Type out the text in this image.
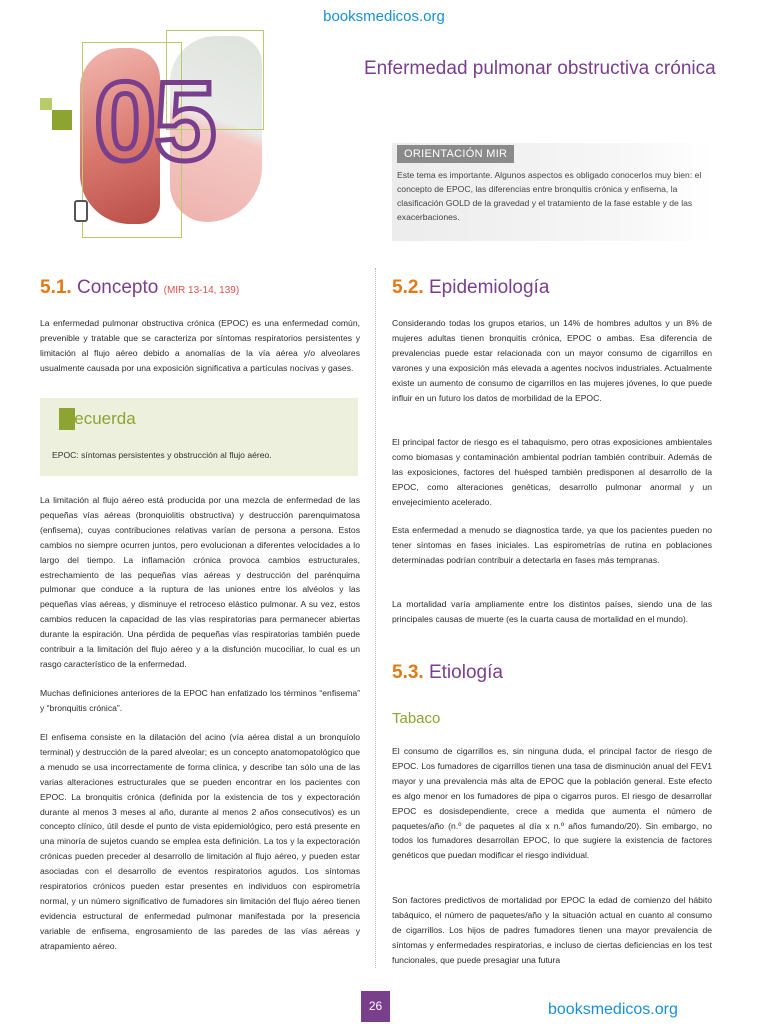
booksmedicos.org
05	Enfermedad pulmonar obstructiva crónica
ORIENTACIÓN MIR
Este tema es importante. Algunos aspectos es obligado conocerlos muy bien: el concepto de EPOC, las diferencias entre bronquitis crónica y enfisema, la clasificación GOLD de la gravedad y el tratamiento de la fase estable y de las exacerbaciones.
5.1. Concepto (MIR 13-14, 139)
La enfermedad pulmonar obstructiva crónica (EPOC) es una enfermedad común, prevenible y tratable que se caracteriza por síntomas respiratorios persistentes y limitación al flujo aéreo debido a anomalías de la vía aérea y/o alveolares usualmente causada por una exposición significativa a partículas nocivas y gases.
Recuerda
EPOC: síntomas persistentes y obstrucción al flujo aéreo.
La limitación al flujo aéreo está producida por una mezcla de enfermedad de las pequeñas vías aéreas (bronquiolitis obstructiva) y destrucción parenquimatosa (enfisema), cuyas contribuciones relativas varían de persona a persona. Estos cambios no siempre ocurren juntos, pero evolucionan a diferentes velocidades a lo largo del tiempo. La inflamación crónica provoca cambios estructurales, estrechamiento de las pequeñas vías aéreas y destrucción del parénquima pulmonar que conduce a la ruptura de las uniones entre los alvéolos y las pequeñas vías aéreas, y disminuye el retroceso elástico pulmonar. A su vez, estos cambios reducen la capacidad de las vías respiratorias para permanecer abiertas durante la espiración. Una pérdida de pequeñas vías respiratorias también puede contribuir a la limitación del flujo aéreo y a la disfunción mucociliar, lo cual es un rasgo característico de la enfermedad.
Muchas definiciones anteriores de la EPOC han enfatizado los términos “enfisema” y “bronquitis crónica”.
El enfisema consiste en la dilatación del acino (vía aérea distal a un bronquíolo terminal) y destrucción de la pared alveolar; es un concepto anatomopatológico que a menudo se usa incorrectamente de forma clínica, y describe tan sólo una de las varias alteraciones estructurales que se pueden encontrar en los pacientes con EPOC. La bronquitis crónica (definida por la existencia de tos y expectoración durante al menos 3 meses al año, durante al menos 2 años consecutivos) es un concepto clínico, útil desde el punto de vista epidemiológico, pero está presente en una minoría de sujetos cuando se emplea esta definición. La tos y la expectoración crónicas pueden preceder al desarrollo de limitación al flujo aéreo, y pueden estar asociadas con el desarrollo de eventos respiratorios agudos. Los síntomas respiratorios crónicos pueden estar presentes en individuos con espirometría normal, y un número significativo de fumadores sin limitación del flujo aéreo tienen evidencia estructural de enfermedad pulmonar manifestada por la presencia variable de enfisema, engrosamiento de las paredes de las vías aéreas y atrapamiento aéreo.
5.2. Epidemiología
Considerando todas los grupos etarios, un 14% de hombres adultos y un 8% de mujeres adultas tienen bronquitis crónica, EPOC o ambas. Esa diferencia de prevalencias puede estar relacionada con un mayor consumo de cigarrillos en varones y una exposición más elevada a agentes nocivos industriales. Actualmente existe un aumento de consumo de cigarrillos en las mujeres jóvenes, lo que puede influir en un futuro los datos de morbilidad de la EPOC.
El principal factor de riesgo es el tabaquismo, pero otras exposiciones ambientales como biomasas y contaminación ambiental podrían también contribuir. Además de las exposiciones, factores del huésped también predisponen al desarrollo de la EPOC, como alteraciones genéticas, desarrollo pulmonar anormal y un envejecimiento acelerado.
Esta enfermedad a menudo se diagnostica tarde, ya que los pacientes pueden no tener síntomas en fases iniciales. Las espirometrías de rutina en poblaciones determinadas podrían contribuir a detectarla en fases más tempranas.
La mortalidad varía ampliamente entre los distintos países, siendo una de las principales causas de muerte (es la cuarta causa de mortalidad en el mundo).
5.3. Etiología
Tabaco
El consumo de cigarrillos es, sin ninguna duda, el principal factor de riesgo de EPOC. Los fumadores de cigarrillos tienen una tasa de disminución anual del FEV1 mayor y una prevalencia más alta de EPOC que la población general. Este efecto es algo menor en los fumadores de pipa o cigarros puros. El riesgo de desarrollar EPOC es dosisdependiente, crece a medida que aumenta el número de paquetes/año (n.º de paquetes al día x n.º años fumando/20). Sin embargo, no todos los fumadores desarrollan EPOC, lo que sugiere la existencia de factores genéticos que puedan modificar el riesgo individual.
Son factores predictivos de mortalidad por EPOC la edad de comienzo del hábito tabáquico, el número de paquetes/año y la situación actual en cuanto al consumo de cigarrillos. Los hijos de padres fumadores tienen una mayor prevalencia de síntomas y enfermedades respiratorias, e incluso de ciertas deficiencias en los test funcionales, que puede presagiar una futura
26	booksmedicos.org
